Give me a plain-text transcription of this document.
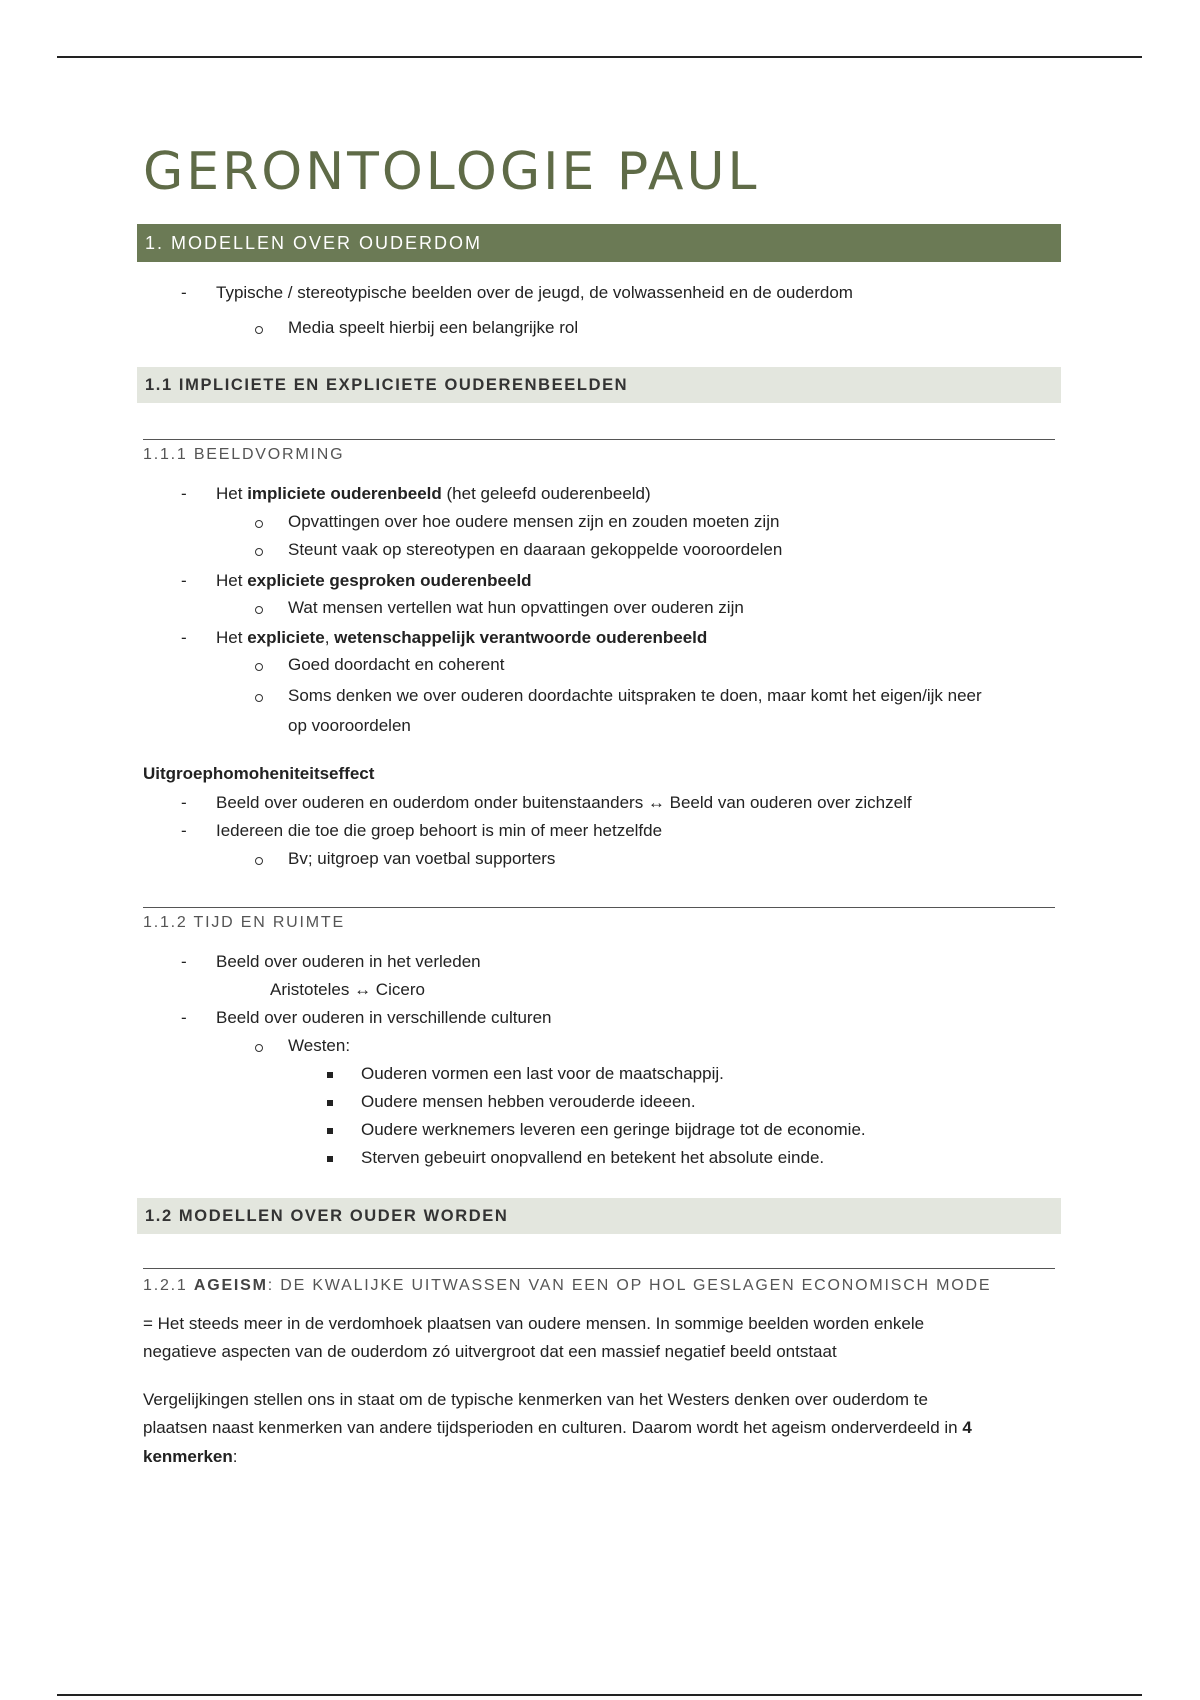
GERONTOLOGIE PAUL
1. MODELLEN OVER OUDERDOM
- Typische / stereotypische beelden over de jeugd, de volwassenheid en de ouderdom
Media speelt hierbij een belangrijke rol
1.1 IMPLICIETE EN EXPLICIETE OUDERENBEELDEN
1.1.1 BEELDVORMING
- Het impliciete ouderenbeeld (het geleefd ouderenbeeld)
Opvattingen over hoe oudere mensen zijn en zouden moeten zijn
Steunt vaak op stereotypen en daaraan gekoppelde vooroordelen
- Het expliciete gesproken ouderenbeeld
Wat mensen vertellen wat hun opvattingen over ouderen zijn
- Het expliciete, wetenschappelijk verantwoorde ouderenbeeld
Goed doordacht en coherent
Soms denken we over ouderen doordachte uitspraken te doen, maar komt het eigen/ijk neer
op vooroordelen
Uitgroephomoheniteitseffect
- Beeld over ouderen en ouderdom onder buitenstaanders ↔ Beeld van ouderen over zichzelf
- Iedereen die toe die groep behoort is min of meer hetzelfde
Bv; uitgroep van voetbal supporters
1.1.2 TIJD EN RUIMTE
- Beeld over ouderen in het verleden
Aristoteles ↔ Cicero
- Beeld over ouderen in verschillende culturen
Westen:
Ouderen vormen een last voor de maatschappij.
Oudere mensen hebben verouderde ideeen.
Oudere werknemers leveren een geringe bijdrage tot de economie.
Sterven gebeuirt onopvallend en betekent het absolute einde.
1.2 MODELLEN OVER OUDER WORDEN
1.2.1 AGEISM: DE KWALIJKE UITWASSEN VAN EEN OP HOL GESLAGEN ECONOMISCH MODE
= Het steeds meer in de verdomhoek plaatsen van oudere mensen. In sommige beelden worden enkele
negatieve aspecten van de ouderdom zó uitvergroot dat een massief negatief beeld ontstaat
Vergelijkingen stellen ons in staat om de typische kenmerken van het Westers denken over ouderdom te
plaatsen naast kenmerken van andere tijdsperioden en culturen. Daarom wordt het ageism onderverdeeld in 4
kenmerken:
